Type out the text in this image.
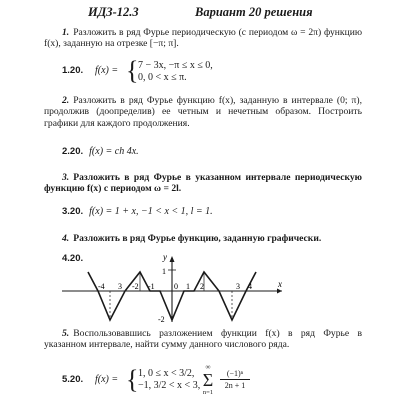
ИДЗ-12.3	Вариант 20 решения
1. Разложить в ряд Фурье периодическую (с периодом ω = 2π) функцию f(x), заданную на отрезке [−π; π].
1.20.	f(x) = { 7 − 3x, −π ≤ x ≤ 0,
0, 0 < x ≤ π.
2. Разложить в ряд Фурье функцию f(x), заданную в интервале (0; π), продолжив (доопределив) ее четным и нечетным образом. Построить графики для каждого продолжения.
2.20. f(x) = ch 4x.
3. Разложить в ряд Фурье в указанном интервале периодическую функцию f(x) с периодом ω = 2l.
3.20. f(x) = 1 + x, −1 < x < 1, l = 1.
4. Разложить в ряд Фурье функцию, заданную графически.
4.20.	y
x
1
-2
-4 3 -2 -1 0 1 2	3 4
5. Воспользовавшись разложением функции f(x) в ряд Фурье в указанном интервале, найти сумму данного числового ряда.
5.20.	f(x) = { 1, 0 ≤ x < 3/2,
−1, 3/2 < x < 3,
∞
Σ
n=1
(−1)ⁿ
2n + 1
